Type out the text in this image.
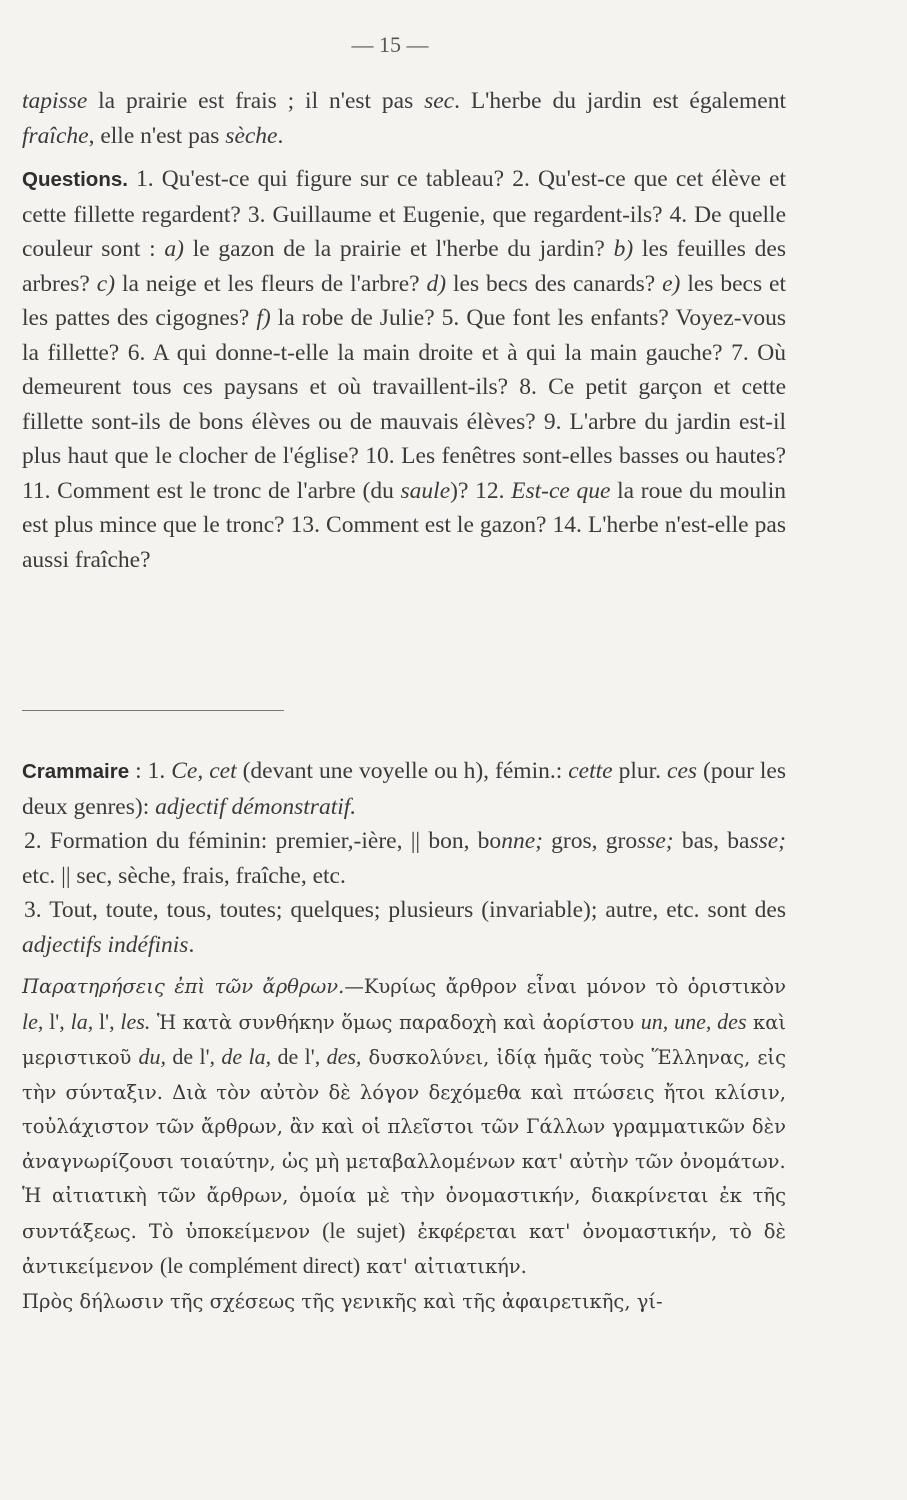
— 15 —
tapisse la prairie est frais ; il n'est pas sec. L'herbe du jardin est également fraîche, elle n'est pas sèche.
Questions. 1. Qu'est-ce qui figure sur ce tableau? 2. Qu'est-ce que cet élève et cette fillette regardent? 3. Guillaume et Eugenie, que regardent-ils? 4. De quelle couleur sont : a) le gazon de la prairie et l'herbe du jardin? b) les feuilles des arbres? c) la neige et les fleurs de l'arbre? d) les becs des canards? e) les becs et les pattes des cigognes? f) la robe de Julie? 5. Que font les enfants? Voyez-vous la fillette? 6. A qui donne-t-elle la main droite et à qui la main gauche? 7. Où demeurent tous ces paysans et où travaillent-ils? 8. Ce petit garçon et cette fillette sont-ils de bons élèves ou de mauvais élèves? 9. L'arbre du jardin est-il plus haut que le clocher de l'église? 10. Les fenêtres sont-elles basses ou hautes? 11. Comment est le tronc de l'arbre (du saule)? 12. Est-ce que la roue du moulin est plus mince que le tronc? 13. Comment est le gazon? 14. L'herbe n'est-elle pas aussi fraîche?

Crammaire : 1. Ce, cet (devant une voyelle ou h), fémin.: cette plur. ces (pour les deux genres): adjectif démonstratif.

2. Formation du féminin: premier,-ière, || bon, bonne; gros, grosse; bas, basse; etc. || sec, sèche, frais, fraîche, etc.

3. Tout, toute, tous, toutes; quelques; plusieurs (invariable); autre, etc. sont des adjectifs indéfinis.

Παρατηρήσεις ἐπὶ τῶν ἄρθρων.—Κυρίως ἄρθρον εἶναι μόνον τὸ ὁριστικὸν le, l', la, l', les. Ἡ κατὰ συνθήκην ὅμως παραδοχὴ καὶ ἀορίστου un, une, des καὶ μεριστικοῦ du, de l', de la, de l', des, δυσκολύνει, ἰδίᾳ ἡμᾶς τοὺς Ἕλληνας, εἰς τὴν σύνταξιν. Διὰ τὸν αὐτὸν δὲ λόγον δεχόμεθα καὶ πτώσεις ἤτοι κλίσιν, τοὐλάχιστον τῶν ἄρθρων, ἂν καὶ οἱ πλεῖστοι τῶν Γάλλων γραμματικῶν δὲν ἀναγνωρίζουσι τοιαύτην, ὡς μὴ μεταβαλλομένων κατ' αὐτὴν τῶν ὀνομάτων.

Ἡ αἰτιατικὴ τῶν ἄρθρων, ὁμοία μὲ τὴν ὀνομαστικήν, διακρίνεται ἐκ τῆς συντάξεως. Τὸ ὑποκείμενον (le sujet) ἐκφέρεται κατ' ὀνομαστικήν, τὸ δὲ ἀντικείμενον (le complément direct) κατ' αἰτιατικήν.

Πρὸς δήλωσιν τῆς σχέσεως τῆς γενικῆς καὶ τῆς ἀφαιρετικῆς, γί-
